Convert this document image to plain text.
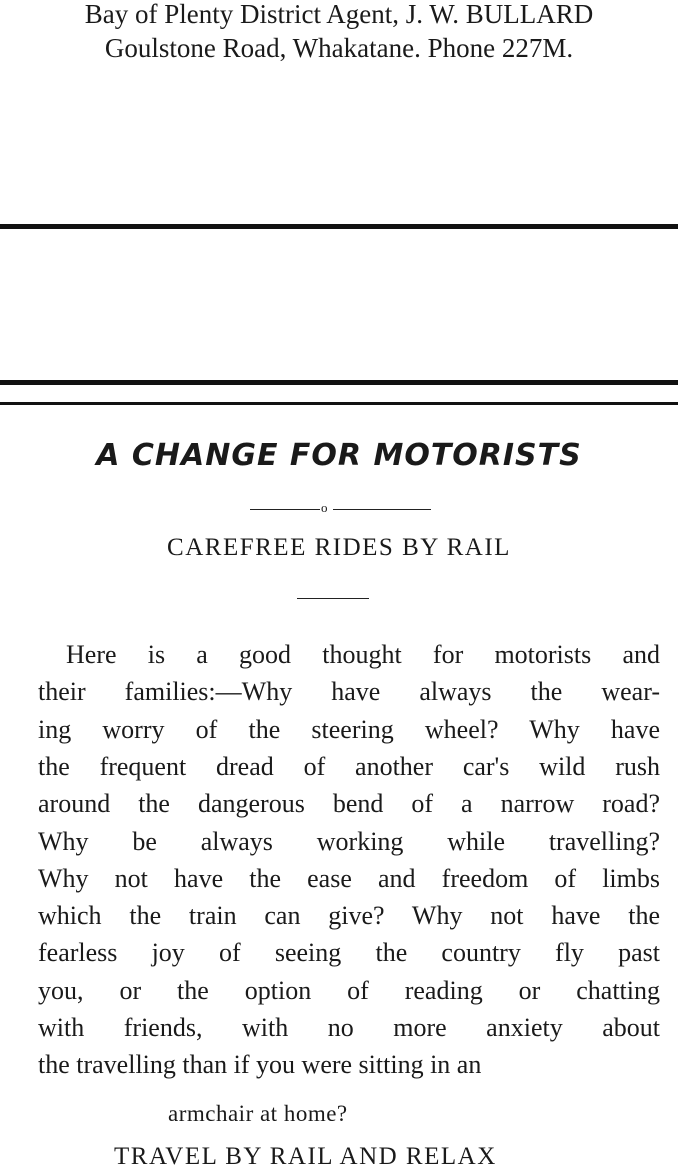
Bay of Plenty District Agent, J. W. BULLARD
Goulstone Road, Whakatane. Phone 227M.
A CHANGE FOR MOTORISTS
o
CAREFREE RIDES BY RAIL
Here is a good thought for motorists and
their families:—Why have always the wear-
ing worry of the steering wheel? Why have
the frequent dread of another car's wild rush
around the dangerous bend of a narrow road?
Why be always working while travelling?
Why not have the ease and freedom of limbs
which the train can give? Why not have the
fearless joy of seeing the country fly past
you, or the option of reading or chatting
with friends, with no more anxiety about
the travelling than if you were sitting in an
armchair at home?
TRAVEL BY RAIL AND RELAX
